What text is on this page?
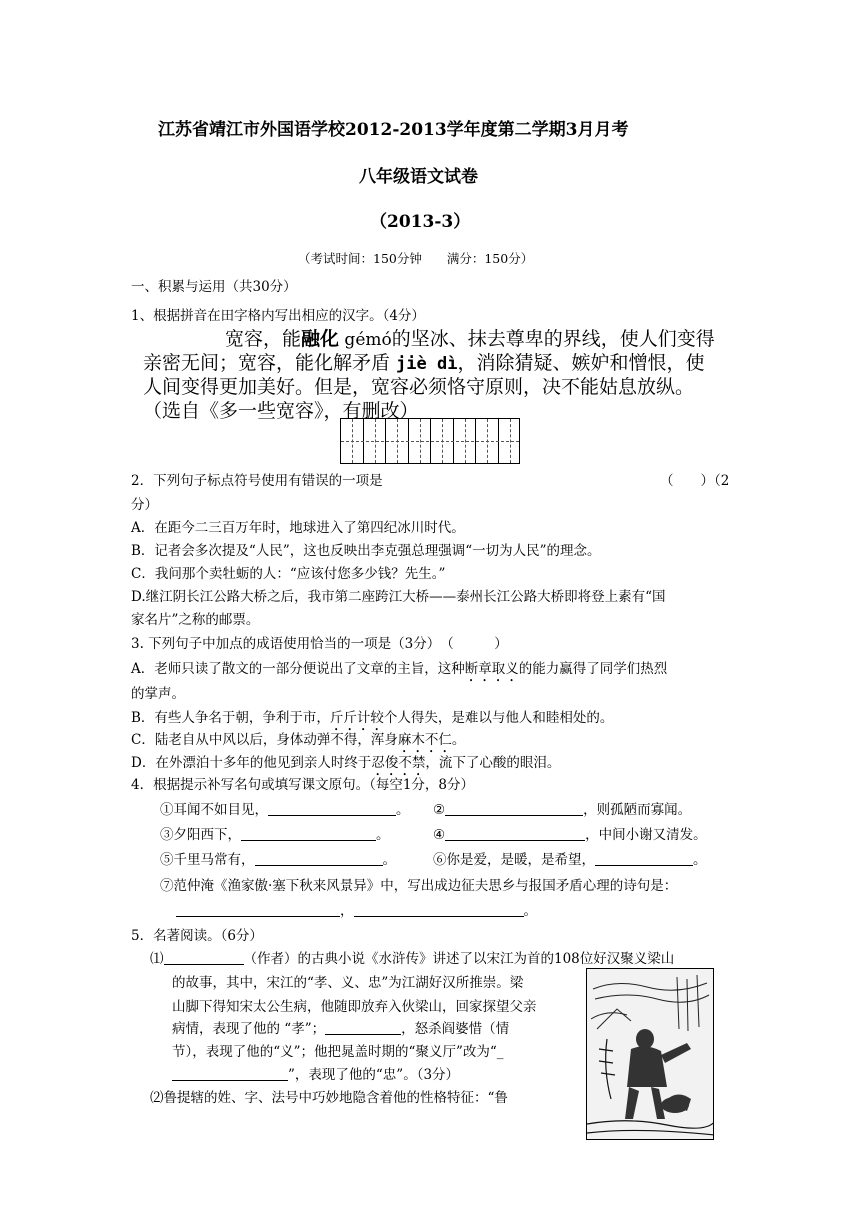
江苏省靖江市外国语学校2012-2013学年度第二学期3月月考
八年级语文试卷
（2013-3）
（考试时间：150分钟　　满分：150分）
一、积累与运用（共30分）
1、根据拼音在田字格内写出相应的汉字。（4分）
宽容，能融化 gémó的坚冰、抹去尊卑的界线，使人们变得
亲密无间；宽容，能化解矛盾 jiè dì，消除猜疑、嫉妒和憎恨，使
人间变得更加美好。但是，宽容必须恪守原则，决不能姑息放纵。
（选自《多一些宽容》，有删改）
2．下列句子标点符号使用有错误的一项是	（　　）（2
分）
A．在距今二三百万年时，地球进入了第四纪冰川时代。
B．记者会多次提及“人民”，这也反映出李克强总理强调“一切为人民”的理念。
C．我问那个卖牡蛎的人：“应该付您多少钱？先生。”
D.继江阴长江公路大桥之后，我市第二座跨江大桥——泰州长江公路大桥即将登上素有“国
家名片”之称的邮票。
3. 下列句子中加点的成语使用恰当的一项是（3分）　（　　　）
A．老师只读了散文的一部分便说出了文章的主旨，这种断章取义的能力赢得了同学们热烈
的掌声。
B．有些人争名于朝，争利于市，斤斤计较个人得失，是难以与他人和睦相处的。
C．陆老自从中风以后，身体动弹不得，浑身麻木不仁。
D．在外漂泊十多年的他见到亲人时终于忍俊不禁，流下了心酸的眼泪。
4．根据提示补写名句或填写课文原句。（每空1分，8分）
①耳闻不如目见，	。 ②	，则孤陋而寡闻。
③夕阳西下，	。	④	，中间小谢又清发。
⑤千里马常有，	。	⑥你是爱，是暖，是希望，	。
⑦范仲淹《渔家傲·塞下秋来风景异》中，写出成边征夫思乡与报国矛盾心理的诗句是：
，	。
5．名著阅读。（6分）
⑴	（作者）的古典小说《水浒传》讲述了以宋江为首的108位好汉聚义梁山
的故事，其中，宋江的“孝、义、忠”为江湖好汉所推崇。梁
山脚下得知宋太公生病，他随即放弃入伙梁山，回家探望父亲
病情，表现了他的 “孝”；	，怒杀阎婆惜（情
节），表现了他的“义”；他把晁盖时期的“聚义厅”改为“_
”，表现了他的“忠”。（3分）
⑵鲁提辖的姓、字、法号中巧妙地隐含着他的性格特征：“鲁
